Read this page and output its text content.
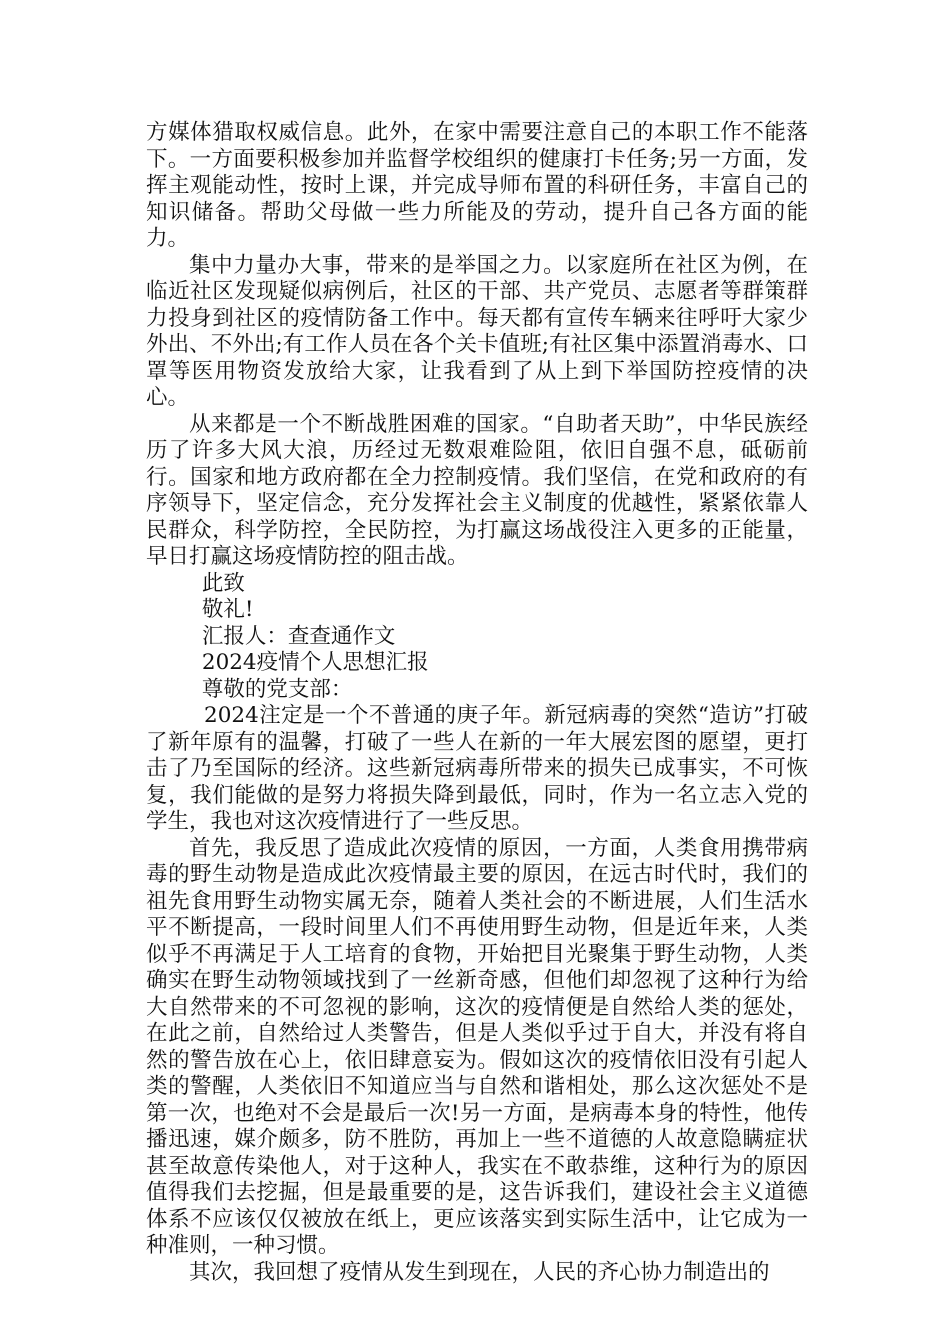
方媒体猎取权威信息。此外，在家中需要注意自己的本职工作不能落下。一方面要积极参加并监督学校组织的健康打卡任务;另一方面，发挥主观能动性，按时上课，并完成导师布置的科研任务，丰富自己的知识储备。帮助父母做一些力所能及的劳动，提升自己各方面的能力。

集中力量办大事，带来的是举国之力。以家庭所在社区为例，在临近社区发现疑似病例后，社区的干部、共产党员、志愿者等群策群力投身到社区的疫情防备工作中。每天都有宣传车辆来往呼吁大家少外出、不外出;有工作人员在各个关卡值班;有社区集中添置消毒水、口罩等医用物资发放给大家，让我看到了从上到下举国防控疫情的决心。

从来都是一个不断战胜困难的国家。“自助者天助”，中华民族经历了许多大风大浪，历经过无数艰难险阻，依旧自强不息，砥砺前行。国家和地方政府都在全力控制疫情。我们坚信，在党和政府的有序领导下，坚定信念，充分发挥社会主义制度的优越性，紧紧依靠人民群众，科学防控，全民防控，为打赢这场战役注入更多的正能量，早日打赢这场疫情防控的阻击战。

此致

敬礼!

汇报人：查查通作文

2024疫情个人思想汇报

尊敬的党支部：

2024注定是一个不普通的庚子年。新冠病毒的突然“造访”打破了新年原有的温馨，打破了一些人在新的一年大展宏图的愿望，更打击了乃至国际的经济。这些新冠病毒所带来的损失已成事实，不可恢复，我们能做的是努力将损失降到最低，同时，作为一名立志入党的学生，我也对这次疫情进行了一些反思。

首先，我反思了造成此次疫情的原因，一方面，人类食用携带病毒的野生动物是造成此次疫情最主要的原因，在远古时代时，我们的祖先食用野生动物实属无奈，随着人类社会的不断进展，人们生活水平不断提高，一段时间里人们不再使用野生动物，但是近年来，人类似乎不再满足于人工培育的食物，开始把目光聚集于野生动物，人类确实在野生动物领域找到了一丝新奇感，但他们却忽视了这种行为给大自然带来的不可忽视的影响，这次的疫情便是自然给人类的惩处，在此之前，自然给过人类警告，但是人类似乎过于自大，并没有将自然的警告放在心上，依旧肆意妄为。假如这次的疫情依旧没有引起人类的警醒，人类依旧不知道应当与自然和谐相处，那么这次惩处不是第一次，也绝对不会是最后一次!另一方面，是病毒本身的特性，他传播迅速，媒介颇多，防不胜防，再加上一些不道德的人故意隐瞒症状甚至故意传染他人，对于这种人，我实在不敢恭维，这种行为的原因值得我们去挖掘，但是最重要的是，这告诉我们，建设社会主义道德体系不应该仅仅被放在纸上，更应该落实到实际生活中，让它成为一种准则，一种习惯。

其次，我回想了疫情从发生到现在，人民的齐心协力制造出的
